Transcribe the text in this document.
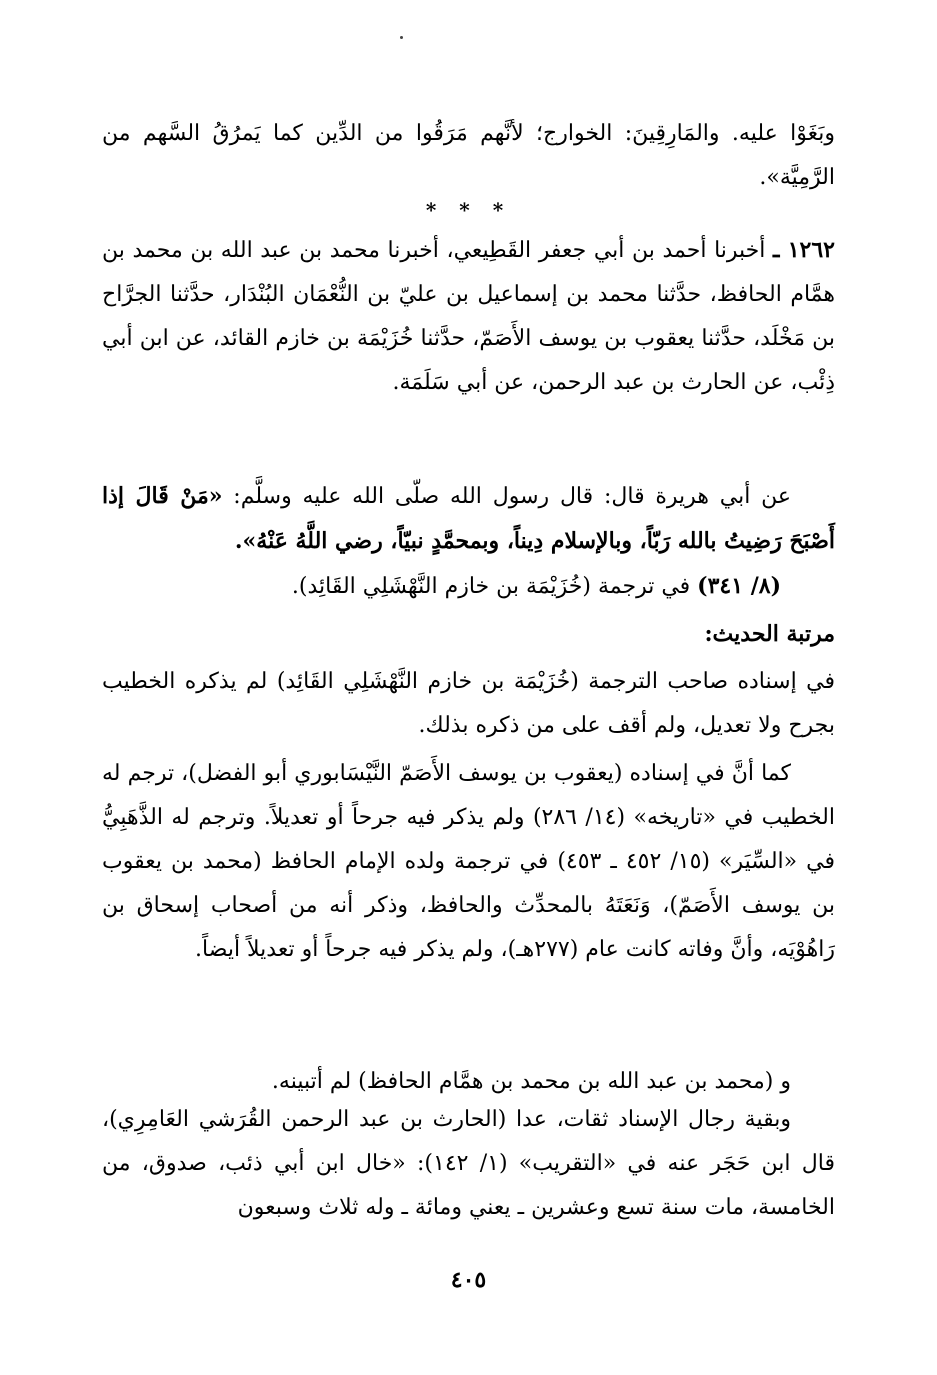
وبَغَوْا عليه. والمَارِقِينَ: الخوارج؛ لأنَّهم مَرَقُوا من الدِّين كما يَمرُقُ السَّهم من الرَّمِيَّة».

* * *

١٢٦٢ ـ أخبرنا أحمد بن أبي جعفر القَطِيعي، أخبرنا محمد بن عبد الله بن محمد بن همَّام الحافظ، حدَّثنا محمد بن إسماعيل بن عليّ بن النُّعْمَان البُنْدَار، حدَّثنا الجرَّاح بن مَخْلَد، حدَّثنا يعقوب بن يوسف الأَصَمّ، حدَّثنا خُزَيْمَة بن خازم القائد، عن ابن أبي ذِئْب، عن الحارث بن عبد الرحمن، عن أبي سَلَمَة.

عن أبي هريرة قال: قال رسول الله صلّى الله عليه وسلَّم: «مَنْ قَالَ إذا أَصْبَحَ رَضِيتُ بالله رَبّاً، وبالإسلام دِيناً، وبمحمَّدٍ نبيّاً، رضي اللَّهُ عَنْهُ».

(٨/ ٣٤١) في ترجمة (خُزَيْمَة بن خازم النَّهْشَلِي القَائِد).

مرتبة الحديث:

في إسناده صاحب الترجمة (خُزَيْمَة بن خازم النَّهْشَلِي القَائِد) لم يذكره الخطيب بجرح ولا تعديل، ولم أقف على من ذكره بذلك.

كما أنَّ في إسناده (يعقوب بن يوسف الأَصَمّ النَّيْسَابوري أبو الفضل)، ترجم له الخطيب في «تاريخه» (١٤/ ٢٨٦) ولم يذكر فيه جرحاً أو تعديلاً. وترجم له الذَّهَبِيُّ في «السِّيَر» (١٥/ ٤٥٢ ـ ٤٥٣) في ترجمة ولده الإمام الحافظ (محمد بن يعقوب بن يوسف الأَصَمّ)، وَنَعَتَهُ بالمحدِّث والحافظ، وذكر أنه من أصحاب إسحاق بن رَاهُوْيَه، وأنَّ وفاته كانت عام (٢٧٧هـ)، ولم يذكر فيه جرحاً أو تعديلاً أيضاً.

و (محمد بن عبد الله بن محمد بن همَّام الحافظ) لم أتبينه.

وبقية رجال الإسناد ثقات، عدا (الحارث بن عبد الرحمن القُرَشي العَامِرِي)، قال ابن حَجَر عنه في «التقريب» (١/ ١٤٢): «خال ابن أبي ذئب، صدوق، من الخامسة، مات سنة تسع وعشرين ـ يعني ومائة ـ وله ثلاث وسبعون

٤٠٥
